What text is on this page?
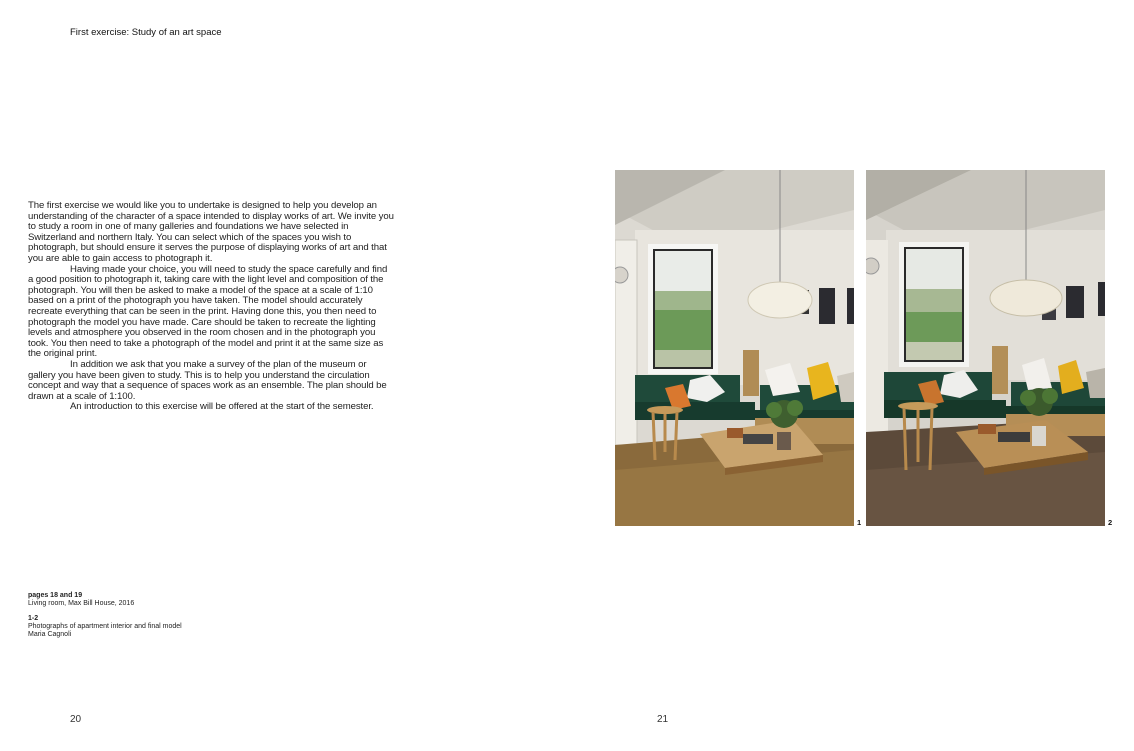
First exercise: Study of an art space

The first exercise we would like you to undertake is designed to help you develop an understanding of the character of a space intended to display works of art. We invite you to study a room in one of many galleries and foundations we have selected in Switzerland and northern Italy. You can select which of the spaces you wish to photograph, but should ensure it serves the purpose of displaying works of art and that you are able to gain access to photograph it.

Having made your choice, you will need to study the space carefully and find a good position to photograph it, taking care with the light level and composition of the photograph. You will then be asked to make a model of the space at a scale of 1:10 based on a print of the photograph you have taken. The model should accurately recreate everything that can be seen in the print. Having done this, you then need to photograph the model you have made. Care should be taken to recreate the lighting levels and atmosphere you observed in the room chosen and in the photograph you took. You then need to take a photograph of the model and print it at the same size as the original print.

In addition we ask that you make a survey of the plan of the museum or gallery you have been given to study. This is to help you understand the circulation concept and way that a sequence of spaces work as an ensemble. The plan should be drawn at a scale of 1:100.

An introduction to this exercise will be offered at the start of the semester.

pages 18 and 19
Living room, Max Bill House, 2016
1-2
Photographs of apartment interior and final model
Maria Cagnoli
1	2
20	21
